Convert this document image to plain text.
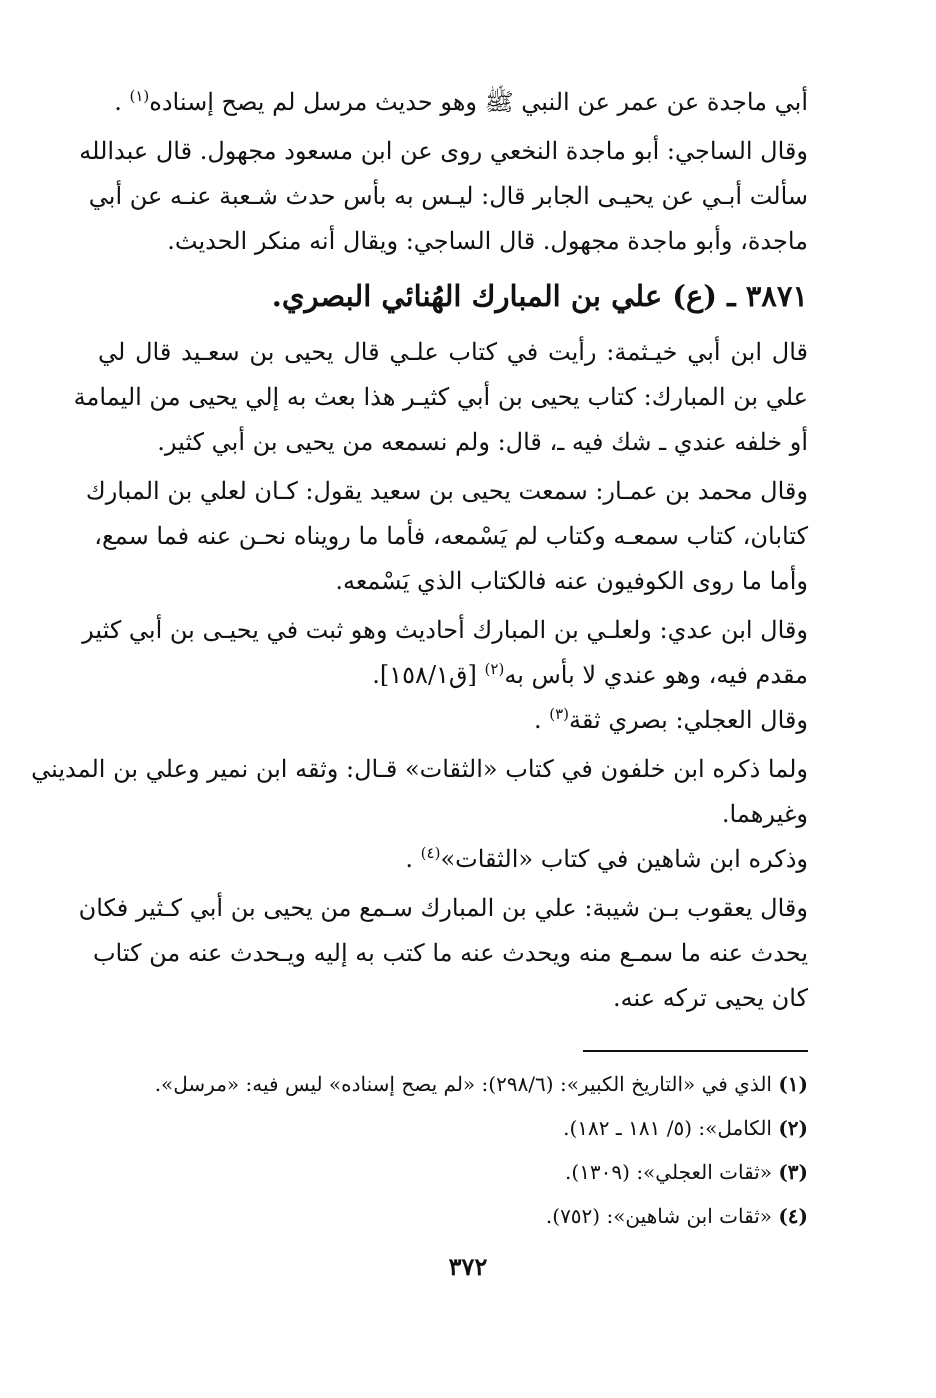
أبي ماجدة عن عمر عن النبي ﷺ وهو حديث مرسل لم يصح إسناده$^{(١)}$ .
وقال الساجي: أبو ماجدة النخعي روى عن ابن مسعود مجهول. قال عبدالله
سألت أبـي عن يحيـى الجابر قال: ليـس به بأس حدث شـعبة عنـه عن أبي
ماجدة، وأبو ماجدة مجهول. قال الساجي: ويقال أنه منكر الحديث.
٣٨٧١ ـ (ع) علي بن المبارك الهُنائي البصري.
قال ابن أبي خيـثمة: رأيت في كتاب علـي قال يحيى بن سعـيد قال لي
علي بن المبارك: كتاب يحيى بن أبي كثيـر هذا بعث به إلي يحيى من اليمامة
أو خلفه عندي ـ شك فيه ـ، قال: ولم نسمعه من يحيى بن أبي كثير.
وقال محمد بن عمـار: سمعت يحيى بن سعيد يقول: كـان لعلي بن المبارك
كتابان، كتاب سمعـه وكتاب لم يَسْمعه، فأما ما رويناه نحـن عنه فما سمع،
وأما ما روى الكوفيون عنه فالكتاب الذي يَسْمعه.
وقال ابن عدي: ولعلـي بن المبارك أحاديث وهو ثبت في يحيـى بن أبي كثير
مقدم فيه، وهو عندي لا بأس به$^{(٢)}$ [ق١٥٨/١].
وقال العجلي: بصري ثقة$^{(٣)}$ .
ولما ذكره ابن خلفون في كتاب «الثقات» قـال: وثقه ابن نمير وعلي بن المديني
وغيرهما.
وذكره ابن شاهين في كتاب «الثقات»$^{(٤)}$ .
وقال يعقوب بـن شيبة: علي بن المبارك سـمع من يحيى بن أبي كـثير فكان
يحدث عنه ما سمـع منه ويحدث عنه ما كتب به إليه ويـحدث عنه من كتاب
كان يحيى تركه عنه.
(١)الذي في «التاريخ الكبير»: (٢٩٨/٦): «لم يصح إسناده» ليس فيه: «مرسل».
(٢)الكامل»: (٥/ ١٨١ ـ ١٨٢).
(٣)«ثقات العجلي»: (١٣٠٩).
(٤)«ثقات ابن شاهين»: (٧٥٢).
٣٧٢
